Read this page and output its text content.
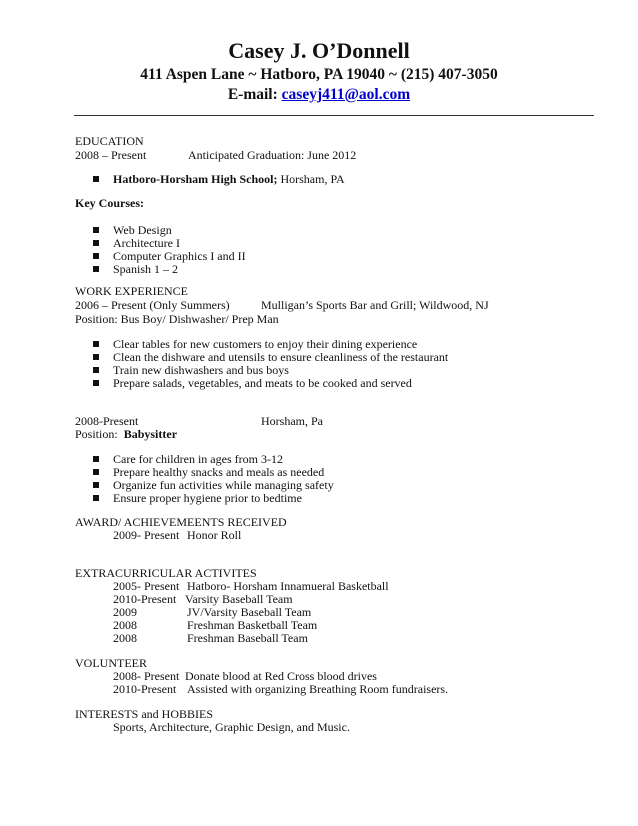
Casey J. O’Donnell
411 Aspen Lane ~ Hatboro, PA 19040 ~ (215) 407-3050
E-mail: caseyj411@aol.com
EDUCATION
2008 – Present	Anticipated Graduation: June 2012
Hatboro-Horsham High School; Horsham, PA
Key Courses:
Web Design
Architecture I
Computer Graphics I and II
Spanish 1 – 2
WORK EXPERIENCE
2006 – Present (Only Summers)	Mulligan’s Sports Bar and Grill; Wildwood, NJ
Position: Bus Boy/ Dishwasher/ Prep Man
Clear tables for new customers to enjoy their dining experience
Clean the dishware and utensils to ensure cleanliness of the restaurant
Train new dishwashers and bus boys
Prepare salads, vegetables, and meats to be cooked and served
2008-Present	Horsham, Pa
Position: Babysitter
Care for children in ages from 3-12
Prepare healthy snacks and meals as needed
Organize fun activities while managing safety
Ensure proper hygiene prior to bedtime
AWARD/ ACHIEVEMEENTS RECEIVED
2009- Present Honor Roll
EXTRACURRICULAR ACTIVITES
2005- Present Hatboro- Horsham Innamueral Basketball
2010-Present Varsity Baseball Team
2009	JV/Varsity Baseball Team
2008	Freshman Basketball Team
2008	Freshman Baseball Team
VOLUNTEER
2008- Present Donate blood at Red Cross blood drives
2010-Present Assisted with organizing Breathing Room fundraisers.
INTERESTS and HOBBIES
Sports, Architecture, Graphic Design, and Music.
